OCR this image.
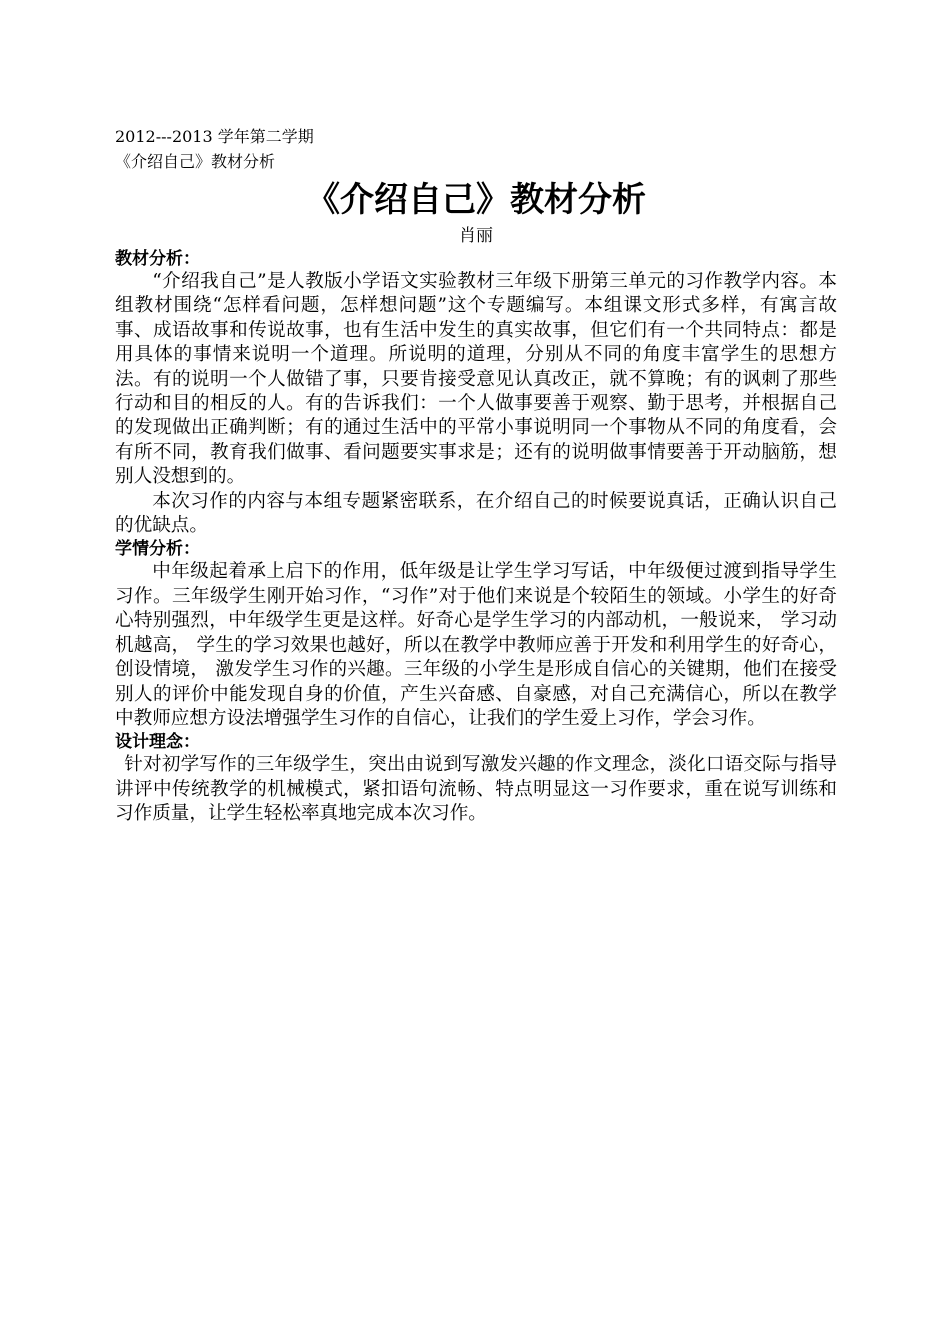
2012---2013 学年第二学期

《介绍自己》教材分析

《介绍自己》教材分析

肖丽

教材分析：

“介绍我自己”是人教版小学语文实验教材三年级下册第三单元的习作教学内容。本组教材围绕“怎样看问题，怎样想问题”这个专题编写。本组课文形式多样，有寓言故事、成语故事和传说故事，也有生活中发生的真实故事，但它们有一个共同特点：都是用具体的事情来说明一个道理。所说明的道理，分别从不同的角度丰富学生的思想方法。有的说明一个人做错了事，只要肯接受意见认真改正，就不算晚；有的讽刺了那些行动和目的相反的人。有的告诉我们：一个人做事要善于观察、勤于思考，并根据自己的发现做出正确判断；有的通过生活中的平常小事说明同一个事物从不同的角度看，会有所不同，教育我们做事、看问题要实事求是；还有的说明做事情要善于开动脑筋，想别人没想到的。

本次习作的内容与本组专题紧密联系，在介绍自己的时候要说真话，正确认识自己的优缺点。

学情分析：

中年级起着承上启下的作用，低年级是让学生学习写话，中年级便过渡到指导学生习作。三年级学生刚开始习作，“习作”对于他们来说是个较陌生的领域。小学生的好奇心特别强烈，中年级学生更是这样。好奇心是学生学习的内部动机，一般说来， 学习动机越高， 学生的学习效果也越好，所以在教学中教师应善于开发和利用学生的好奇心，创设情境， 激发学生习作的兴趣。三年级的小学生是形成自信心的关键期，他们在接受别人的评价中能发现自身的价值，产生兴奋感、自豪感，对自己充满信心，所以在教学中教师应想方设法增强学生习作的自信心，让我们的学生爱上习作，学会习作。

设计理念：

针对初学写作的三年级学生，突出由说到写激发兴趣的作文理念，淡化口语交际与指导讲评中传统教学的机械模式，紧扣语句流畅、特点明显这一习作要求，重在说写训练和习作质量，让学生轻松率真地完成本次习作。
